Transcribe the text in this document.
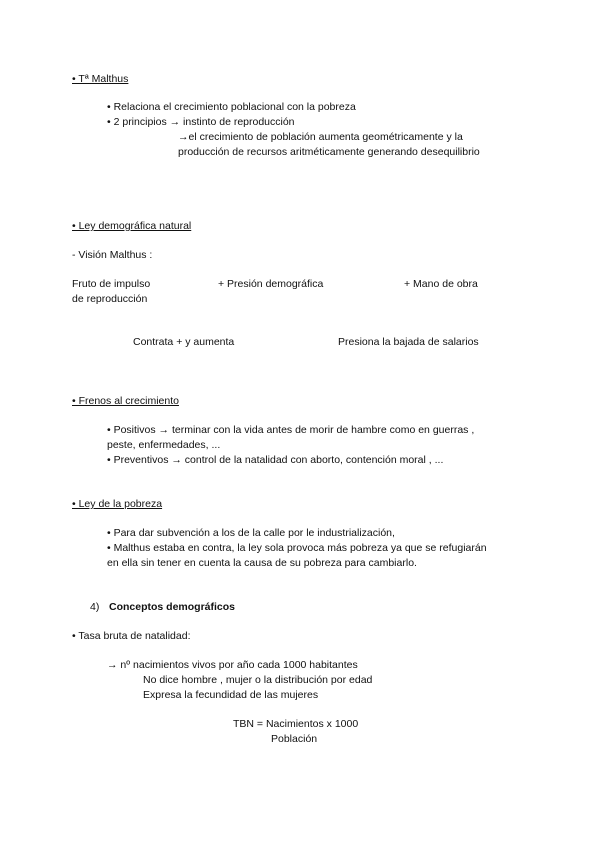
• Tª Malthus
• Relaciona el crecimiento poblacional con la pobreza
• 2 principios → instinto de reproducción
→el crecimiento de población aumenta geométricamente y la
producción de recursos aritméticamente generando desequilibrio
• Ley demográfica natural
- Visión Malthus :
Fruto de impulso
de reproducción
+ Presión demográfica	+ Mano de obra
Contrata + y aumenta	Presiona la bajada de salarios
• Frenos al crecimiento
• Positivos → terminar con la vida antes de morir de hambre como en guerras ,
peste, enfermedades, ...
• Preventivos → control de la natalidad con aborto, contención moral , ...
• Ley de la pobreza
• Para dar subvención a los de la calle por le industrialización,
• Malthus estaba en contra, la ley sola provoca más pobreza ya que se refugiarán
en ella sin tener en cuenta la causa de su pobreza para cambiarlo.
4) Conceptos demográficos
• Tasa bruta de natalidad:
→ nº nacimientos vivos por año cada 1000 habitantes
No dice hombre , mujer o la distribución por edad
Expresa la fecundidad de las mujeres
TBN = Nacimientos x 1000
Población
